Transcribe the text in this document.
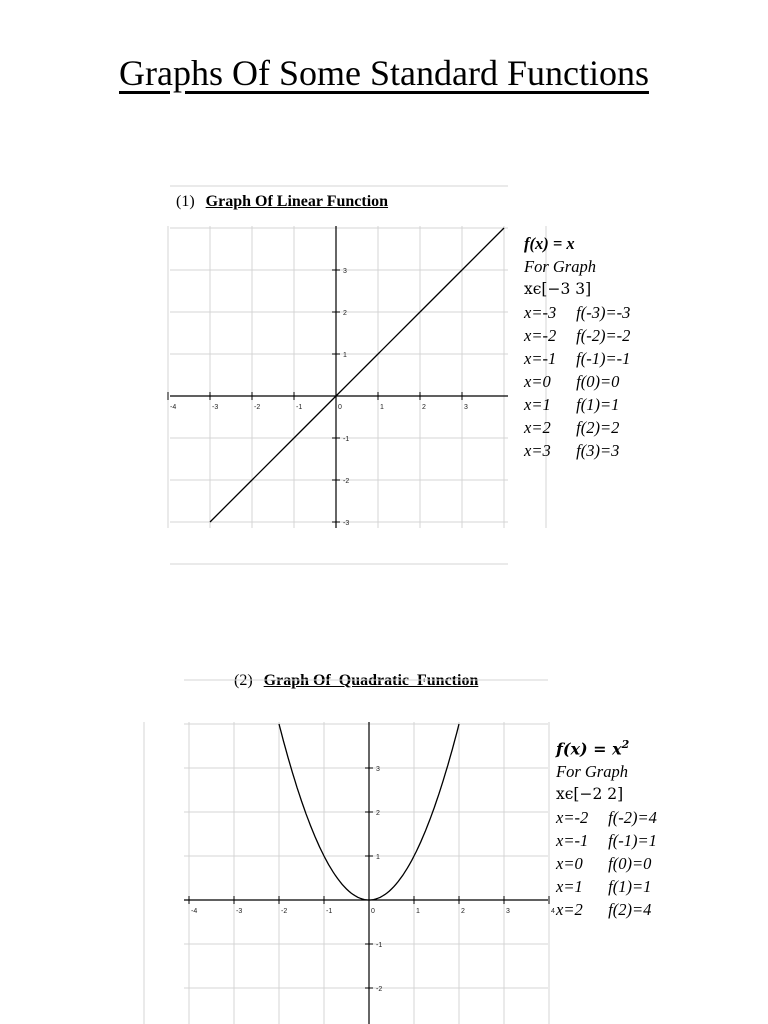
Graphs Of Some Standard Functions
(1) Graph Of Linear Function
-4	-3	-2	-1	0	1	2	3
3
2
1
-1
-2
-3
f(x) = x
For Graph
xϵ[−3 3]
x=-3 f(-3)=-3
x=-2 f(-2)=-2
x=-1 f(-1)=-1
x=0 f(0)=0
x=1 f(1)=1
x=2 f(2)=2
x=3 f(3)=3
(2) Graph Of  Quadratic  Function
-4	-3	-2	-1	0	1	2	3	4
3
2
1
-1
-2
$f(x) = x^2$
For Graph
xϵ[−2 2]
x=-2 f(-2)=4
x=-1 f(-1)=1
x=0 f(0)=0
x=1 f(1)=1
x=2 f(2)=4
